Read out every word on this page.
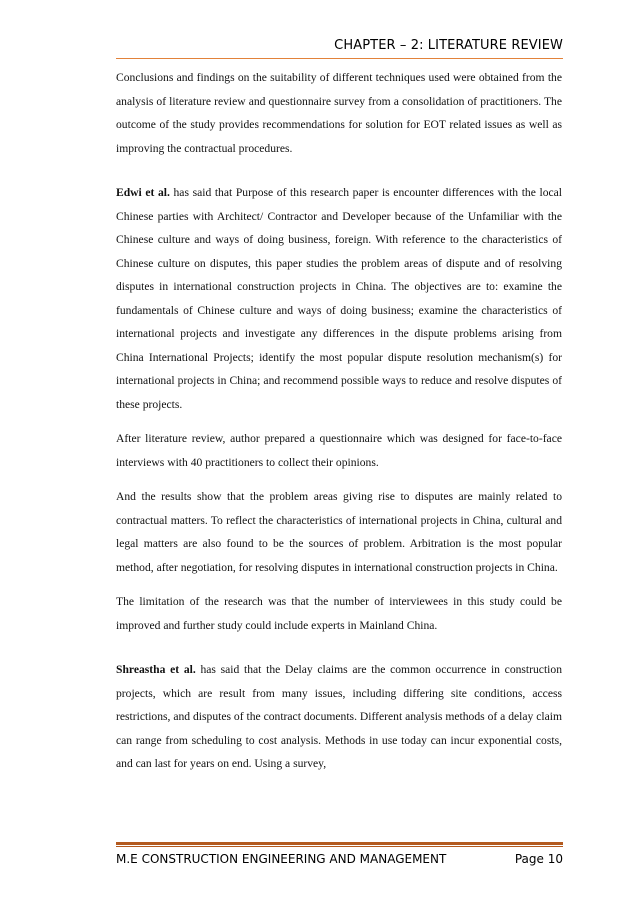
CHAPTER – 2: LITERATURE REVIEW

Conclusions and findings on the suitability of different techniques used were obtained from the analysis of literature review and questionnaire survey from a consolidation of practitioners. The outcome of the study provides recommendations for solution for EOT related issues as well as improving the contractual procedures.

Edwi et al. has said that Purpose of this research paper is encounter differences with the local Chinese parties with Architect/ Contractor and Developer because of the Unfamiliar with the Chinese culture and ways of doing business, foreign. With reference to the characteristics of Chinese culture on disputes, this paper studies the problem areas of dispute and of resolving disputes in international construction projects in China. The objectives are to: examine the fundamentals of Chinese culture and ways of doing business; examine the characteristics of international projects and investigate any differences in the dispute problems arising from China International Projects; identify the most popular dispute resolution mechanism(s) for international projects in China; and recommend possible ways to reduce and resolve disputes of these projects.

After literature review, author prepared a questionnaire which was designed for face-to-face interviews with 40 practitioners to collect their opinions.

And the results show that the problem areas giving rise to disputes are mainly related to contractual matters. To reflect the characteristics of international projects in China, cultural and legal matters are also found to be the sources of problem. Arbitration is the most popular method, after negotiation, for resolving disputes in international construction projects in China.

The limitation of the research was that the number of interviewees in this study could be improved and further study could include experts in Mainland China.

Shreastha et al. has said that the Delay claims are the common occurrence in construction projects, which are result from many issues, including differing site conditions, access restrictions, and disputes of the contract documents. Different analysis methods of a delay claim can range from scheduling to cost analysis. Methods in use today can incur exponential costs, and can last for years on end. Using a survey,

M.E CONSTRUCTION ENGINEERING AND MANAGEMENT	Page 10
